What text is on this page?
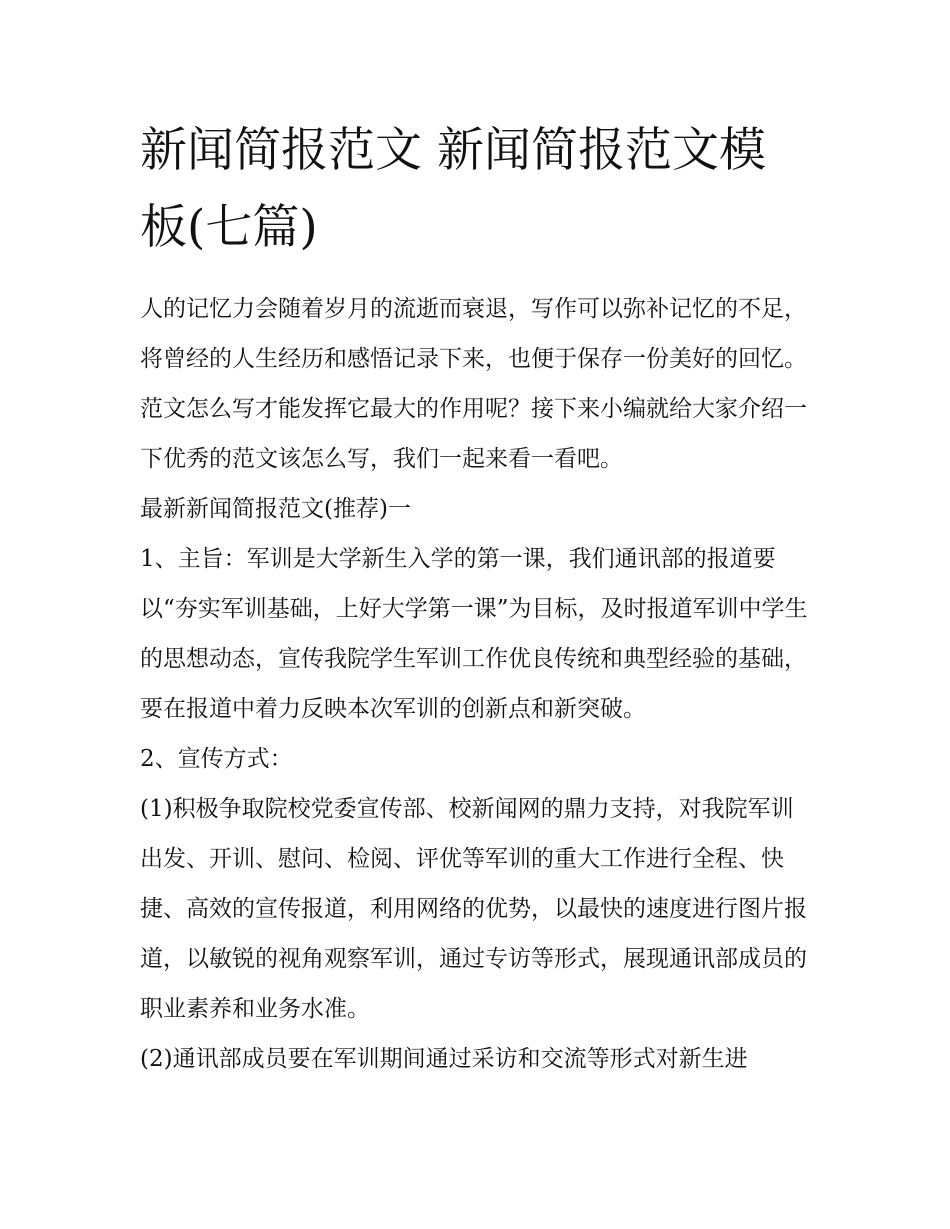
新闻简报范文 新闻简报范文模板(七篇)

人的记忆力会随着岁月的流逝而衰退，写作可以弥补记忆的不足，将曾经的人生经历和感悟记录下来，也便于保存一份美好的回忆。范文怎么写才能发挥它最大的作用呢？接下来小编就给大家介绍一下优秀的范文该怎么写，我们一起来看一看吧。

最新新闻简报范文(推荐)一

1、主旨：军训是大学新生入学的第一课，我们通讯部的报道要以“夯实军训基础，上好大学第一课”为目标，及时报道军训中学生的思想动态，宣传我院学生军训工作优良传统和典型经验的基础，要在报道中着力反映本次军训的创新点和新突破。

2、宣传方式：

(1)积极争取院校党委宣传部、校新闻网的鼎力支持，对我院军训出发、开训、慰问、检阅、评优等军训的重大工作进行全程、快捷、高效的宣传报道，利用网络的优势，以最快的速度进行图片报道，以敏锐的视角观察军训，通过专访等形式，展现通讯部成员的职业素养和业务水准。

(2)通讯部成员要在军训期间通过采访和交流等形式对新生进
